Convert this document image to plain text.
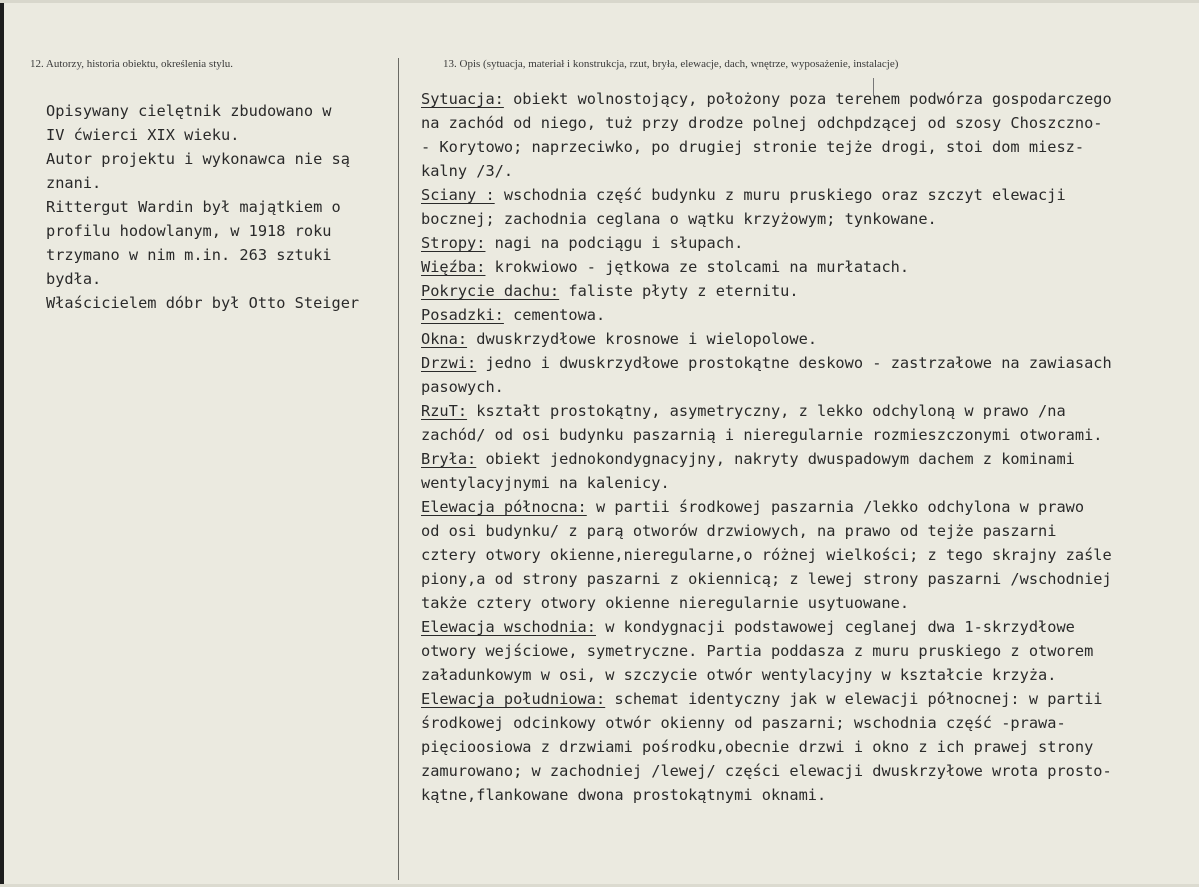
12. Autorzy, historia obiektu, określenia stylu.	13. Opis (sytuacja, materiał i konstrukcja, rzut, bryła, elewacje, dach, wnętrze, wyposażenie, instalacje)
Opisywany cielętnik zbudowano w
IV ćwierci XIX wieku.
Autor projektu i wykonawca nie są
znani.
Rittergut Wardin był majątkiem o
profilu hodowlanym, w 1918 roku
trzymano w nim m.in. 263 sztuki
bydła.
Właścicielem dóbr był Otto Steiger
Sytuacja: obiekt wolnostojący, położony poza terenem podwórza gospodarczego
na zachód od niego, tuż przy drodze polnej odchpdzącej od szosy Choszczno-
- Korytowo; naprzeciwko, po drugiej stronie tejże drogi, stoi dom miesz-
kalny /3/.
Sciany : wschodnia część budynku z muru pruskiego oraz szczyt elewacji
bocznej; zachodnia ceglana o wątku krzyżowym; tynkowane.
Stropy: nagi na podciągu i słupach.
Więźba: krokwiowo - jętkowa ze stolcami na murłatach.
Pokrycie dachu: faliste płyty z eternitu.
Posadzki: cementowa.
Okna: dwuskrzydłowe krosnowe i wielopolowe.
Drzwi: jedno i dwuskrzydłowe prostokątne deskowo - zastrzałowe na zawiasach
pasowych.
RzuT: kształt prostokątny, asymetryczny, z lekko odchyloną w prawo /na
zachód/ od osi budynku paszarnią i nieregularnie rozmieszczonymi otworami.
Bryła: obiekt jednokondygnacyjny, nakryty dwuspadowym dachem z kominami
wentylacyjnymi na kalenicy.
Elewacja północna: w partii środkowej paszarnia /lekko odchylona w prawo
od osi budynku/ z parą otworów drzwiowych, na prawo od tejże paszarni
cztery otwory okienne,nieregularne,o różnej wielkości; z tego skrajny zaśle
piony,a od strony paszarni z okiennicą; z lewej strony paszarni /wschodniej
także cztery otwory okienne nieregularnie usytuowane.
Elewacja wschodnia: w kondygnacji podstawowej ceglanej dwa 1-skrzydłowe
otwory wejściowe, symetryczne. Partia poddasza z muru pruskiego z otworem
załadunkowym w osi, w szczycie otwór wentylacyjny w kształcie krzyża.
Elewacja południowa: schemat identyczny jak w elewacji północnej: w partii
środkowej odcinkowy otwór okienny od paszarni; wschodnia część -prawa-
pięcioosiowa z drzwiami pośrodku,obecnie drzwi i okno z ich prawej strony
zamurowano; w zachodniej /lewej/ części elewacji dwuskrzyłowe wrota prosto-
kątne,flankowane dwona prostokątnymi oknami.
